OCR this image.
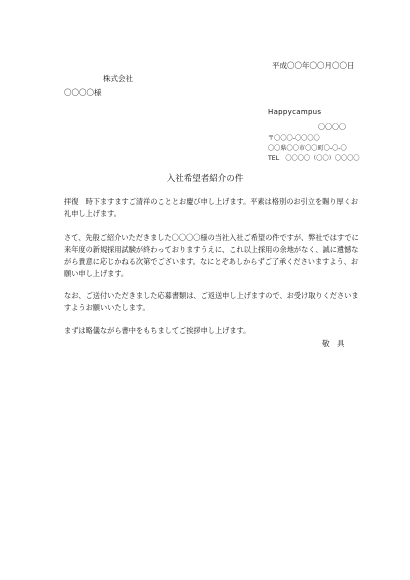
平成〇〇年〇〇月〇〇日
株式会社
〇〇〇〇様
Happycampus
〇〇〇〇
〒〇〇〇-〇〇〇〇
〇〇県〇〇市〇〇町〇-〇-〇
TEL　〇〇〇〇（〇〇）〇〇〇〇
入社希望者紹介の件
拝復　時下ますますご清祥のこととお慶び申し上げます。平素は格別のお引立を賜り厚くお礼申し上げます。
さて、先般ご紹介いただきました〇〇〇〇様の当社入社ご希望の件ですが、弊社ではすでに来年度の新規採用試験が終わっておりますうえに、これ以上採用の余地がなく、誠に遺憾ながら貴意に応じかねる次第でございます。なにとぞあしからずご了承くださいますよう、お願い申し上げます。
なお、ご送付いただきました応募書類は、ご返送申し上げますので、お受け取りくださいますようお願いいたします。
まずは略儀ながら書中をもちましてご挨拶申し上げます。
敬　具
